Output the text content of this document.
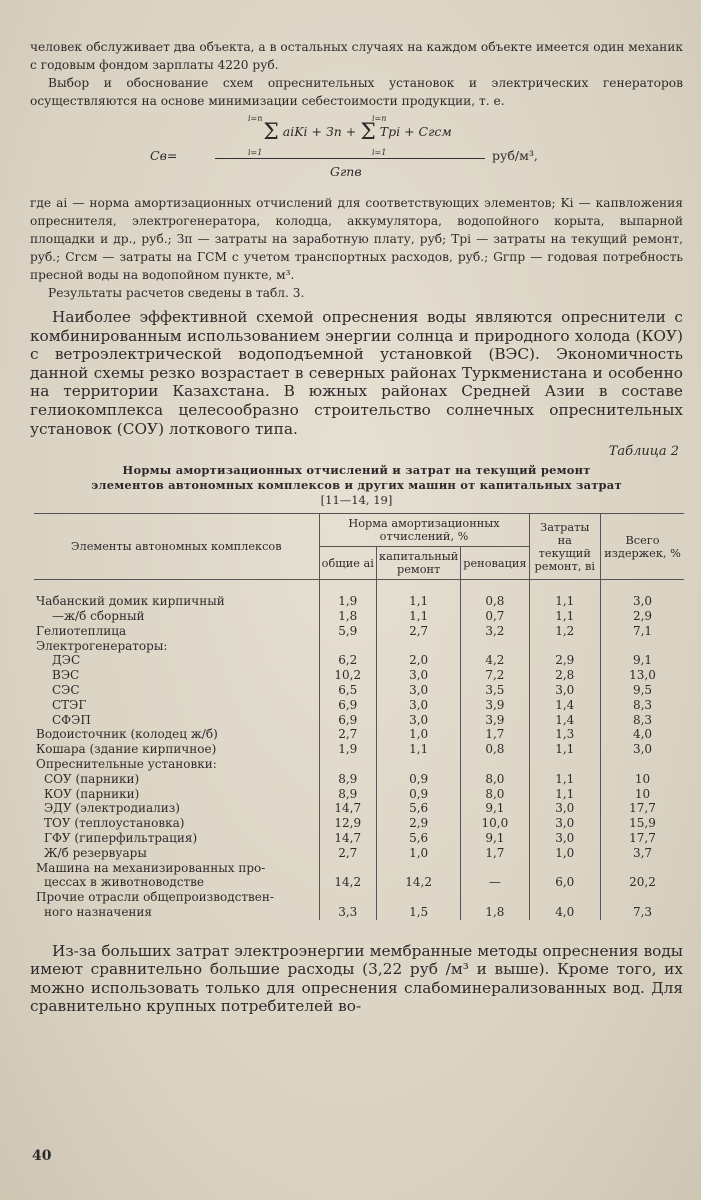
человек обслуживает два объекта, а в остальных случаях на каждом объекте имеется один механик с годовым фондом зарплаты 4220 руб.

Выбор и обоснование схем опреснительных установок и электрических генераторов осуществляются на основе минимизации себестоимости продукции, т. е.

Cв=
i=n
i=1
i=n
i=1
Σ aiKi + Зп + Σ Tpi + Cгсм
Gгпв
руб/м³,

где ai — норма амортизационных отчислений для соответствующих элементов; Ki — капвложения опреснителя, электрогенератора, колодца, аккумулятора, водопойного корыта, выпарной площадки и др., руб.; Зп — затраты на заработную плату, руб; Tpi — затраты на текущий ремонт, руб.; Cгсм — затраты на ГСМ с учетом транспортных расходов, руб.; Gгпр — годовая потребность пресной воды на водопойном пункте, м³.

Результаты расчетов сведены в табл. 3.

Наиболее эффективной схемой опреснения воды являются опреснители с комбинированным использованием энергии солнца и природного холода (КОУ) с ветроэлектрической водоподъемной установкой (ВЭС). Экономичность данной схемы резко возрастает в северных районах Туркменистана и особенно на территории Казахстана. В южных районах Средней Азии в составе гелиокомплекса целесообразно строительство солнечных опреснительных установок (СОУ) лоткового типа.

Таблица 2
Нормы амортизационных отчислений и затрат на текущий ремонт
элементов автономных комплексов и других машин от капитальных затрат
[11—14, 19]
Элементы автономных комплексов	Норма амортизационных отчислений, %			Затраты на текущий ремонт, вi	Всего издержек, %
	общие ai	капитальный ремонт	реновация		

Чабанский домик кирпичный	1,9	1,1	0,8	1,1	3,0
—ж/б сборный	1,8	1,1	0,7	1,1	2,9
Гелиотеплица	5,9	2,7	3,2	1,2	7,1
Электрогенераторы:					
ДЭС	6,2	2,0	4,2	2,9	9,1
ВЭС	10,2	3,0	7,2	2,8	13,0
СЭС	6,5	3,0	3,5	3,0	9,5
СТЭГ	6,9	3,0	3,9	1,4	8,3
СФЭП	6,9	3,0	3,9	1,4	8,3
Водоисточник (колодец ж/б)	2,7	1,0	1,7	1,3	4,0
Кошара (здание кирпичное)	1,9	1,1	0,8	1,1	3,0
Опреснительные установки:					
СОУ (парники)	8,9	0,9	8,0	1,1	10
КОУ (парники)	8,9	0,9	8,0	1,1	10
ЭДУ (электродиализ)	14,7	5,6	9,1	3,0	17,7
ТОУ (теплоустановка)	12,9	2,9	10,0	3,0	15,9
ГФУ (гиперфильтрация)	14,7	5,6	9,1	3,0	17,7
Ж/б резервуары	2,7	1,0	1,7	1,0	3,7
Машина на механизированных про-					
цессах в животноводстве	14,2	14,2	—	6,0	20,2
Прочие отрасли общепроизводствен-					
ного назначения	3,3	1,5	1,8	4,0	7,3

Из-за больших затрат электроэнергии мембранные методы опреснения воды имеют сравнительно большие расходы (3,22 руб /м³ и выше). Кроме того, их можно использовать только для опреснения слабоминерализованных вод. Для сравнительно крупных потребителей во-

40
